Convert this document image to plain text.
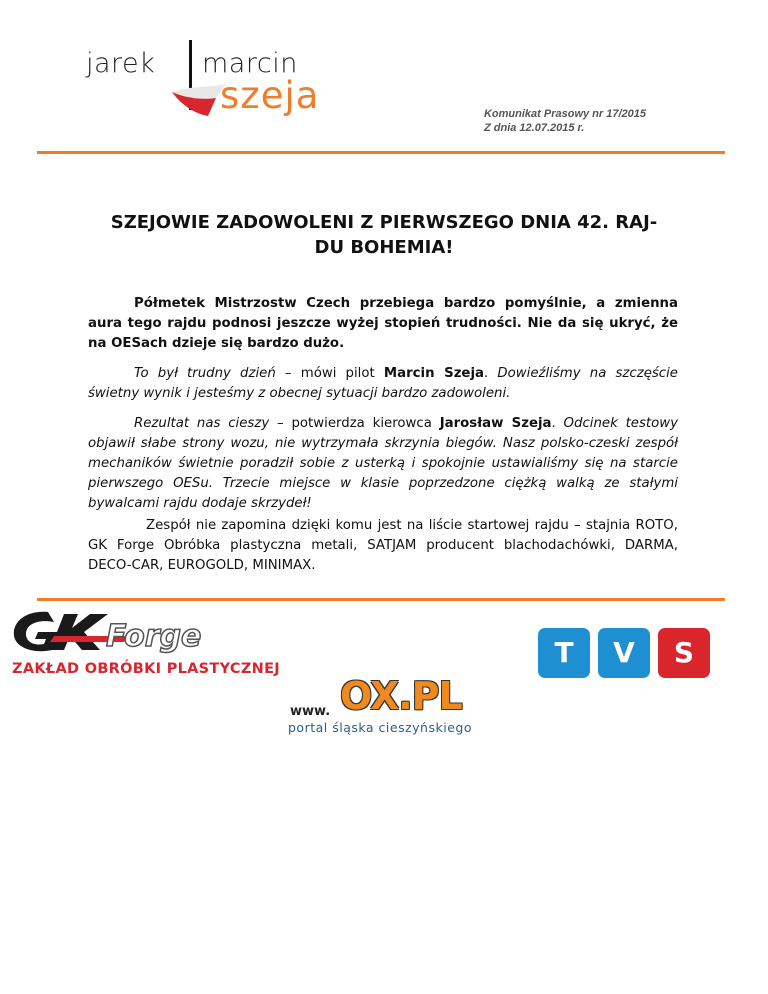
jarek marcin
szeja	Komunikat Prasowy nr 17/2015
Z dnia 12.07.2015 r.
SZEJOWIE ZADOWOLENI Z PIERWSZEGO DNIA 42. RAJ-
DU BOHEMIA!

Półmetek Mistrzostw Czech przebiega bardzo pomyślnie, a zmienna aura tego rajdu podnosi jeszcze wyżej stopień trudności. Nie da się ukryć, że na OESach dzieje się bardzo dużo.

To był trudny dzień – mówi pilot Marcin Szeja. Dowieźliśmy na szczęście świetny wynik i jesteśmy z obecnej sytuacji bardzo zadowoleni.

Rezultat nas cieszy – potwierdza kierowca Jarosław Szeja. Odcinek testowy objawił słabe strony wozu, nie wytrzymała skrzynia biegów. Nasz polsko-czeski zespół mechaników świetnie poradził sobie z usterką i spokojnie ustawialiśmy się na starcie pierwszego OESu. Trzecie miejsce w klasie poprzedzone ciężką walką ze stałymi bywalcami rajdu dodaje skrzydeł!

Zespół nie zapomina dzięki komu jest na liście startowej rajdu – stajnia ROTO, GK Forge Obróbka plastyczna metali, SATJAM producent blachodachówki, DARMA, DECO-CAR, EUROGOLD, MINIMAX.

Forge
ZAKŁAD OBRÓBKI PLASTYCZNEJ	T	V	S
www. OX.PL
portal śląska cieszyńskiego
